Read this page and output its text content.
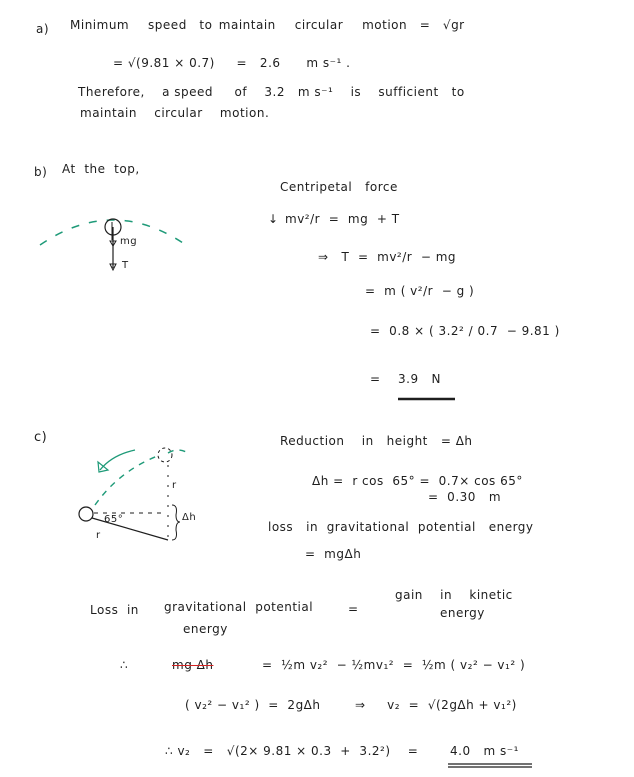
a) Minimum   speed  to maintain   circular   motion  =  √gr
= √(9.81 × 0.7)     =   2.6      m s⁻¹ .
Therefore,    a speed     of    3.2   m s⁻¹    is    sufficient   to
maintain    circular    motion.
b) At  the  top,
Centripetal   force
↓ mv²/r  =  mg  + T
⇒   T  =  mv²/r  − mg
=  m ( v²/r  − g )
=  0.8 × ( 3.2² / 0.7  − 9.81 )
= 3.9   N
mg
T
c)	Reduction    in   height   = Δh
Δh =  r cos  65° =  0.7× cos 65°
=  0.30   m
loss   in  gravitational  potential   energy
=  mgΔh
65°
r
r
Δh
Loss  in gravitational  potential
energy
=
gain    in    kinetic
energy
∴	mg Δh	=  ½m v₂²  − ½mv₁²  =  ½m ( v₂² − v₁² )
( v₂² − v₁² )  =  2gΔh	⇒     v₂  =  √(2gΔh + v₁²)
∴ v₂   =   √(2× 9.81 × 0.3  +  3.2²)    =	4.0   m s⁻¹
